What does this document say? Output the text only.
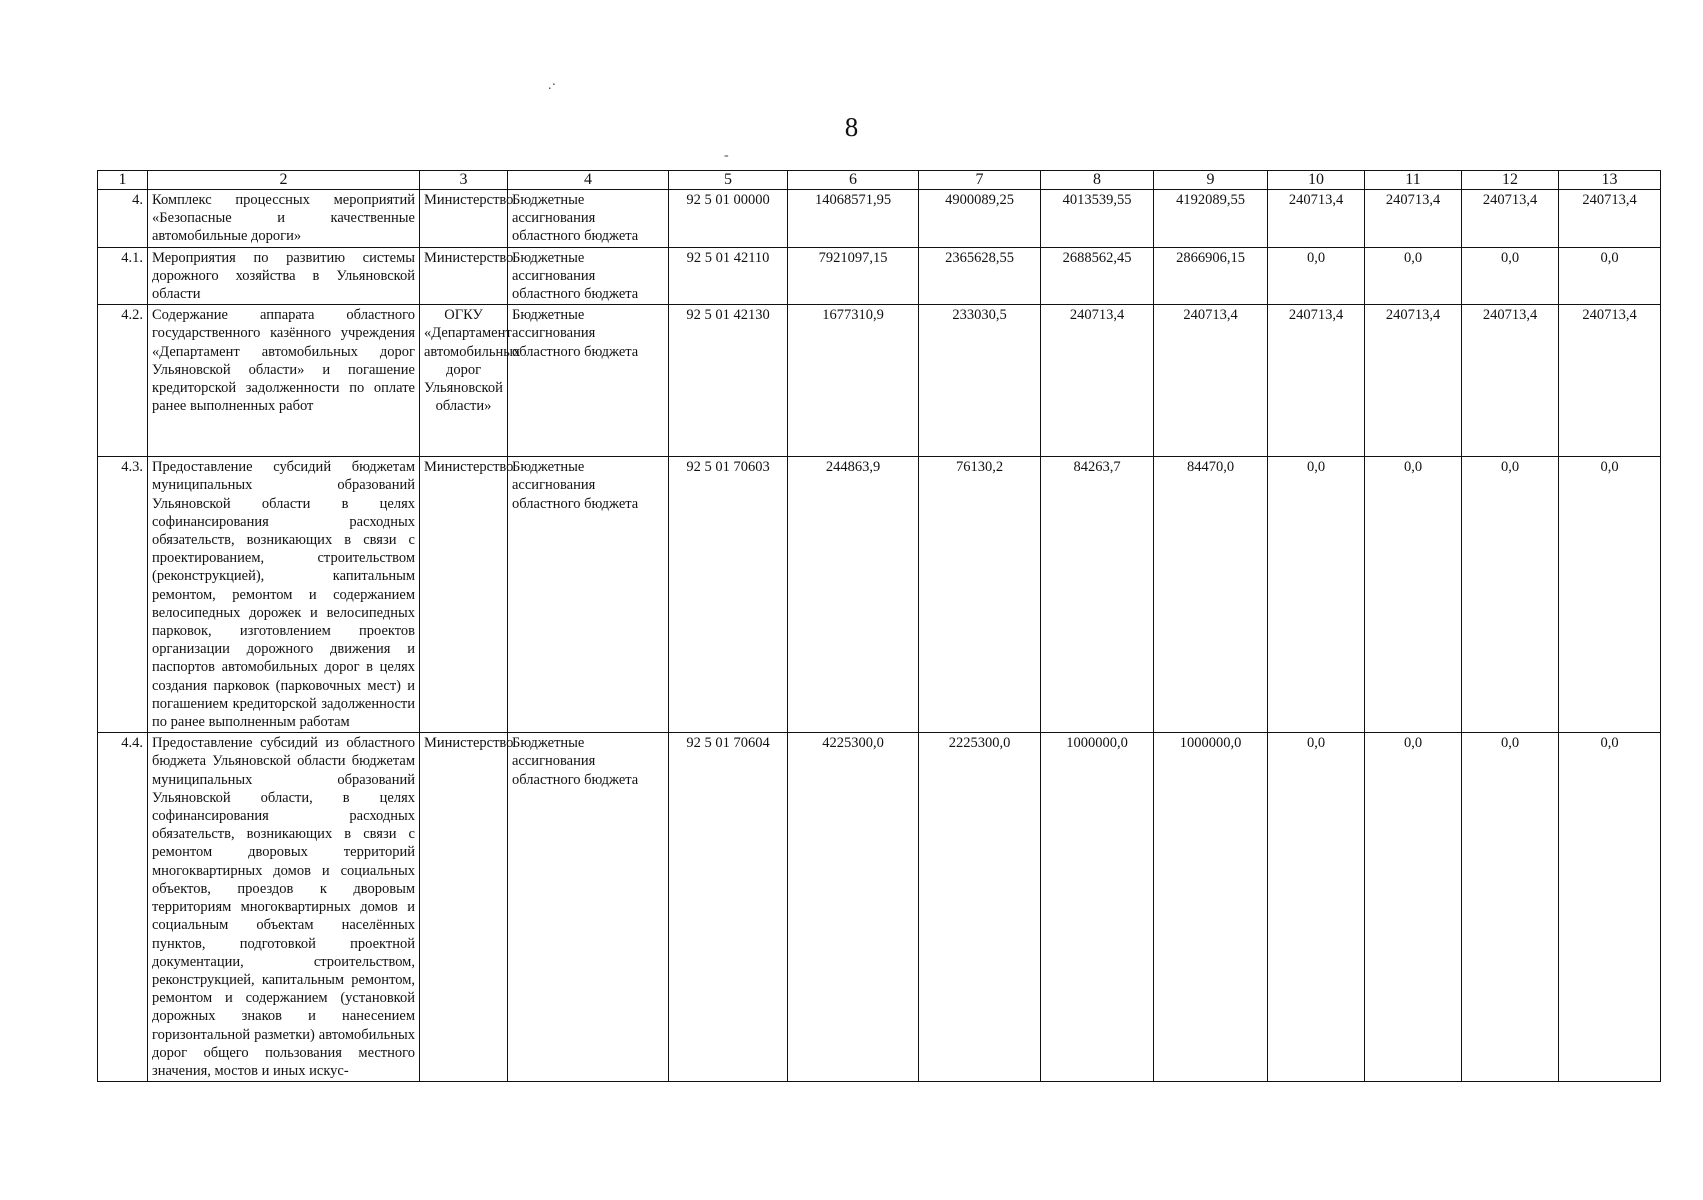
8
.·
-
1	2	3	4	5	6	7	8	9	10	11	12	13
4.	Комплекс процессных мероприятий «Безопасные и качественные автомобильные дороги»	Министерство	Бюджетные ассигнования областного бюджета	92 5 01 00000	14068571,95	4900089,25	4013539,55	4192089,55	240713,4	240713,4	240713,4	240713,4
4.1.	Мероприятия по развитию системы дорожного хозяйства в Ульяновской области	Министерство	Бюджетные ассигнования областного бюджета	92 5 01 42110	7921097,15	2365628,55	2688562,45	2866906,15	0,0	0,0	0,0	0,0
4.2.	Содержание аппарата областного государственного казённого учреждения «Департамент автомобильных дорог Ульяновской области» и погашение кредиторской задолженности по оплате ранее выполненных работ	ОГКУ «Департамент автомобильных дорог Ульяновской области»	Бюджетные ассигнования областного бюджета	92 5 01 42130	1677310,9	233030,5	240713,4	240713,4	240713,4	240713,4	240713,4	240713,4
4.3.	Предоставление субсидий бюджетам муниципальных образований Ульяновской области в целях софинансирования расходных обязательств, возникающих в связи с проектированием, строительством (реконструкцией), капитальным ремонтом, ремонтом и содержанием велосипедных дорожек и велосипедных парковок, изготовлением проектов организации дорожного движения и паспортов автомобильных дорог в целях создания парковок (парковочных мест) и погашением кредиторской задолженности по ранее выполненным работам	Министерство	Бюджетные ассигнования областного бюджета	92 5 01 70603	244863,9	76130,2	84263,7	84470,0	0,0	0,0	0,0	0,0
4.4.	Предоставление субсидий из областного бюджета Ульяновской области бюджетам муниципальных образований Ульяновской области, в целях софинансирования расходных обязательств, возникающих в связи с ремонтом дворовых территорий многоквартирных домов и социальных объектов, проездов к дворовым территориям многоквартирных домов и социальным объектам населённых пунктов, подготовкой проектной документации, строительством, реконструкцией, капитальным ремонтом, ремонтом и содержанием (установкой дорожных знаков и нанесением горизонтальной разметки) автомобильных дорог общего пользования местного значения, мостов и иных искус-	Министерство	Бюджетные ассигнования областного бюджета	92 5 01 70604	4225300,0	2225300,0	1000000,0	1000000,0	0,0	0,0	0,0	0,0
